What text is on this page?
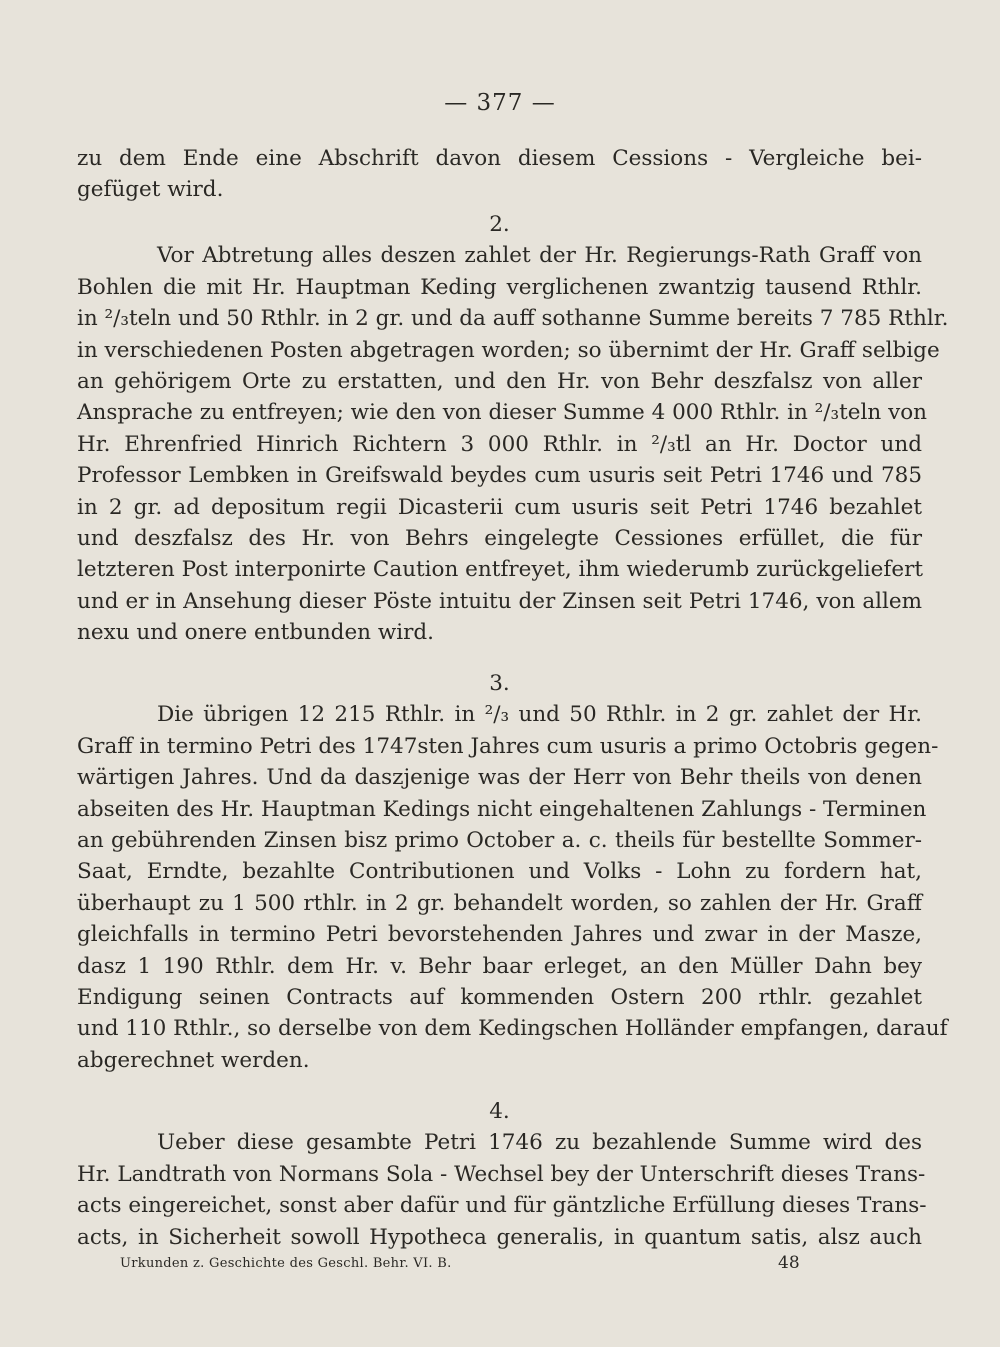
— 377 —
zu dem Ende eine Abschrift davon diesem Cessions - Vergleiche bei-
gefüget wird.
2.
Vor Abtretung alles deszen zahlet der Hr. Regierungs-Rath Graff von
Bohlen die mit Hr. Hauptman Keding verglichenen zwantzig tausend Rthlr.
in ²/₃teln und 50 Rthlr. in 2 gr. und da auff sothanne Summe bereits 7 785 Rthlr.
in verschiedenen Posten abgetragen worden; so übernimt der Hr. Graff selbige
an gehörigem Orte zu erstatten, und den Hr. von Behr deszfalsz von aller
Ansprache zu entfreyen; wie den von dieser Summe 4 000 Rthlr. in ²/₃teln von
Hr. Ehrenfried Hinrich Richtern 3 000 Rthlr. in ²/₃tl an Hr. Doctor und
Professor Lembken in Greifswald beydes cum usuris seit Petri 1746 und 785
in 2 gr. ad depositum regii Dicasterii cum usuris seit Petri 1746 bezahlet
und deszfalsz des Hr. von Behrs eingelegte Cessiones erfüllet, die für
letzteren Post interponirte Caution entfreyet, ihm wiederumb zurückgeliefert
und er in Ansehung dieser Pöste intuitu der Zinsen seit Petri 1746, von allem
nexu und onere entbunden wird.
3.
Die übrigen 12 215 Rthlr. in ²/₃ und 50 Rthlr. in 2 gr. zahlet der Hr.
Graff in termino Petri des 1747sten Jahres cum usuris a primo Octobris gegen-
wärtigen Jahres. Und da daszjenige was der Herr von Behr theils von denen
abseiten des Hr. Hauptman Kedings nicht eingehaltenen Zahlungs - Terminen
an gebührenden Zinsen bisz primo October a. c. theils für bestellte Sommer-
Saat, Erndte, bezahlte Contributionen und Volks - Lohn zu fordern hat,
überhaupt zu 1 500 rthlr. in 2 gr. behandelt worden, so zahlen der Hr. Graff
gleichfalls in termino Petri bevorstehenden Jahres und zwar in der Masze,
dasz 1 190 Rthlr. dem Hr. v. Behr baar erleget, an den Müller Dahn bey
Endigung seinen Contracts auf kommenden Ostern 200 rthlr. gezahlet
und 110 Rthlr., so derselbe von dem Kedingschen Holländer empfangen, darauf
abgerechnet werden.
4.
Ueber diese gesambte Petri 1746 zu bezahlende Summe wird des
Hr. Landtrath von Normans Sola - Wechsel bey der Unterschrift dieses Trans-
acts eingereichet, sonst aber dafür und für gäntzliche Erfüllung dieses Trans-
acts, in Sicherheit sowoll Hypotheca generalis, in quantum satis, alsz auch
Urkunden z. Geschichte des Geschl. Behr. VI. B.	48
